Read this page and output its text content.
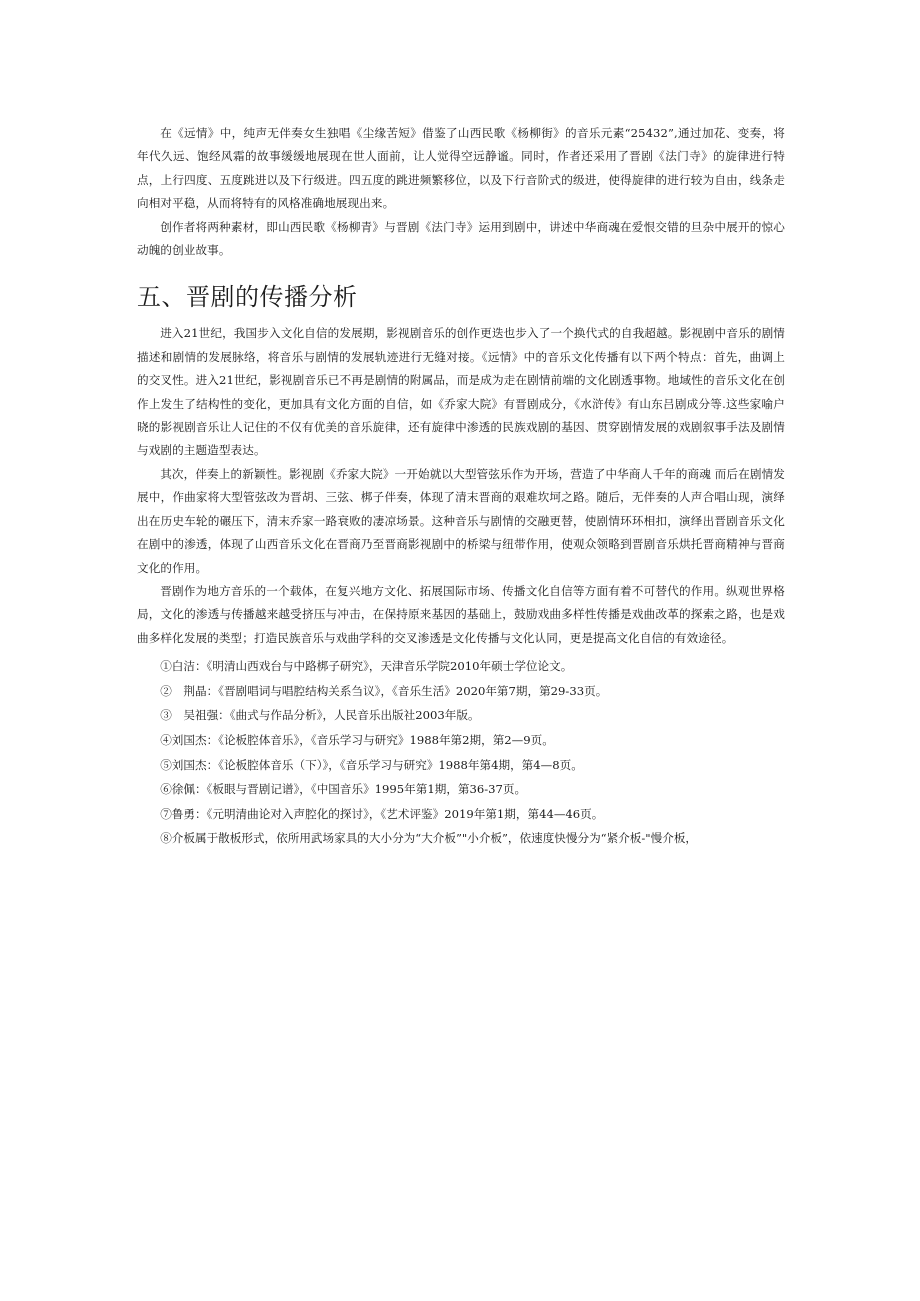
在《远情》中，纯声无伴奏女生独唱《尘缘苦短》借鉴了山西民歌《杨柳街》的音乐元素“25432”,通过加花、变奏，将年代久远、饱经风霜的故事缓缓地展现在世人面前，让人觉得空远静谧。同时，作者还采用了晋剧《法门寺》的旋律进行特点，上行四度、五度跳进以及下行级进。四五度的跳进频繁移位，以及下行音阶式的级进，使得旋律的进行较为自由，线条走向相对平稳，从而将特有的风格准确地展现出来。

创作者将两种素材，即山西民歌《杨柳青》与晋剧《法门寺》运用到剧中，讲述中华商魂在爱恨交错的旦杂中展开的惊心动魄的创业故事。

五、晋剧的传播分析

进入21世纪，我国步入文化自信的发展期，影视剧音乐的创作更迭也步入了一个换代式的自我超越。影视剧中音乐的剧情描述和剧情的发展脉络，将音乐与剧情的发展轨迹进行无缝对接。《远情》中的音乐文化传播有以下两个特点：首先，曲调上的交叉性。进入21世纪，影视剧音乐已不再是剧情的附属品，而是成为走在剧情前端的文化剧透事物。地域性的音乐文化在创作上发生了结构性的变化，更加具有文化方面的自信，如《乔家大院》有晋剧成分，《水浒传》有山东吕剧成分等.这些家喻户晓的影视剧音乐让人记住的不仅有优美的音乐旋律，还有旋律中渗透的民族戏剧的基因、贯穿剧情发展的戏剧叙事手法及剧情与戏剧的主题造型表达。

其次，伴奏上的新颖性。影视剧《乔家大院》一开始就以大型管弦乐作为开场，营造了中华商人千年的商魂 而后在剧情发展中，作曲家将大型管弦改为晋胡、三弦、梆子伴奏，体现了清末晋商的艰难坎坷之路。随后，无伴奏的人声合唱山现，演绎出在历史车轮的碾压下，清末乔家一路衰败的凄凉场景。这种音乐与剧情的交融更替，使剧情环环相扣，演绎出晋剧音乐文化在剧中的渗透，体现了山西音乐文化在晋商乃至晋商影视剧中的桥梁与纽带作用，使观众领略到晋剧音乐烘托晋商精神与晋商文化的作用。

晋剧作为地方音乐的一个载体，在复兴地方文化、拓展国际市场、传播文化自信等方面有着不可替代的作用。纵观世界格局，文化的渗透与传播越来越受挤压与冲击，在保持原来基因的基础上，鼓励戏曲多样性传播是戏曲改革的探索之路，也是戏曲多样化发展的类型；打造民族音乐与戏曲学科的交叉渗透是文化传播与文化认同，更是提高文化自信的有效途径。

①白洁：《明清山西戏台与中路梆子研究》，天津音乐学院2010年硕士学位论文。

②　荆晶：《晋剧唱词与唱腔结构关系刍议》，《音乐生活》2020年第7期，第29-33页。

③　吴祖强：《曲式与作品分析》，人民音乐出版社2003年版。

④刘国杰：《论板腔体音乐》，《音乐学习与研究》1988年第2期，第2—9页。

⑤刘国杰：《论板腔体音乐（下）》，《音乐学习与研究》1988年第4期，第4—8页。

⑥徐佩：《板眼与晋剧记谱》，《中国音乐》1995年第1期，第36-37页。

⑦鲁勇：《元明清曲论对入声腔化的探讨》，《艺术评鉴》2019年第1期，第44—46页。

⑧介板属于散板形式，依所用武场家具的大小分为“大介板”"小介板”，依速度快慢分为“紧介板-"慢介板，
